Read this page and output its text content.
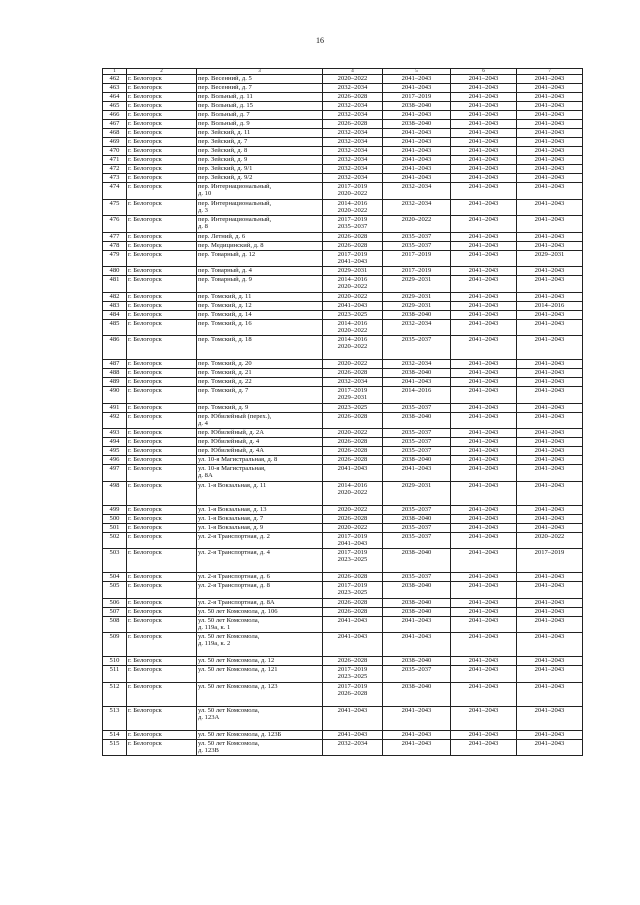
16
1	2	3	4	5	6	7
462	г. Белогорск	пер. Весенний, д. 5	2020–2022	2041–2043	2041–2043	2041–2043

463	г. Белогорск	пер. Весенний, д. 7	2032–2034	2041–2043	2041–2043	2041–2043

464	г. Белогорск	пер. Вольный, д. 11	2026–2028	2017–2019	2041–2043	2041–2043

465	г. Белогорск	пер. Вольный, д. 15	2032–2034	2038–2040	2041–2043	2041–2043

466	г. Белогорск	пер. Вольный, д. 7	2032–2034	2041–2043	2041–2043	2041–2043

467	г. Белогорск	пер. Вольный, д. 9	2026–2028	2038–2040	2041–2043	2041–2043

468	г. Белогорск	пер. Зейский, д. 11	2032–2034	2041–2043	2041–2043	2041–2043

469	г. Белогорск	пер. Зейский, д. 7	2032–2034	2041–2043	2041–2043	2041–2043

470	г. Белогорск	пер. Зейский, д. 8	2032–2034	2041–2043	2041–2043	2041–2043

471	г. Белогорск	пер. Зейский, д. 9	2032–2034	2041–2043	2041–2043	2041–2043

472	г. Белогорск	пер. Зейский, д. 9/1	2032–2034	2041–2043	2041–2043	2041–2043

473	г. Белогорск	пер. Зейский, д. 9/2	2032–2034	2041–2043	2041–2043	2041–2043

474	г. Белогорск	пер. Интернациональный,
д. 10	2017–2019
2020–2022	2032–2034	2041–2043	2041–2043

475	г. Белогорск	пер. Интернациональный,
д. 3	2014–2016
2020–2022	2032–2034	2041–2043	2041–2043

476	г. Белогорск	пер. Интернациональный,
д. 8	2017–2019
2035–2037	2020–2022	2041–2043	2041–2043

477	г. Белогорск	пер. Летний, д. 6	2026–2028	2035–2037	2041–2043	2041–2043

478	г. Белогорск	пер. Медицинский, д. 8	2026–2028	2035–2037	2041–2043	2041–2043

479	г. Белогорск	пер. Товарный, д. 12	2017–2019
2041–2043	2017–2019	2041–2043	2029–2031

480	г. Белогорск	пер. Товарный, д. 4	2029–2031	2017–2019	2041–2043	2041–2043

481	г. Белогорск	пер. Товарный, д. 9	2014–2016
2020–2022	2029–2031	2041–2043	2041–2043

482	г. Белогорск	пер. Томский, д. 11	2020–2022	2029–2031	2041–2043	2041–2043

483	г. Белогорск	пер. Томский, д. 12	2041–2043	2029–2031	2041–2043	2014–2016

484	г. Белогорск	пер. Томский, д. 14	2023–2025	2038–2040	2041–2043	2041–2043

485	г. Белогорск	пер. Томский, д. 16	2014–2016
2020–2022	2032–2034	2041–2043	2041–2043

486	г. Белогорск	пер. Томский, д. 18	2014–2016
2020–2022	2035–2037	2041–2043	2041–2043

487	г. Белогорск	пер. Томский, д. 20	2020–2022	2032–2034	2041–2043	2041–2043

488	г. Белогорск	пер. Томский, д. 21	2026–2028	2038–2040	2041–2043	2041–2043

489	г. Белогорск	пер. Томский, д. 22	2032–2034	2041–2043	2041–2043	2041–2043

490	г. Белогорск	пер. Томский, д. 7	2017–2019
2029–2031	2014–2016	2041–2043	2041–2043

491	г. Белогорск	пер. Томский, д. 9	2023–2025	2035–2037	2041–2043	2041–2043

492	г. Белогорск	пер. Юбилейный (перех.),
д. 4	2026–2028	2038–2040	2041–2043	2041–2043

493	г. Белогорск	пер. Юбилейный, д. 2А	2020–2022	2035–2037	2041–2043	2041–2043

494	г. Белогорск	пер. Юбилейный, д. 4	2026–2028	2035–2037	2041–2043	2041–2043

495	г. Белогорск	пер. Юбилейный, д. 4А	2026–2028	2035–2037	2041–2043	2041–2043

496	г. Белогорск	ул. 10-я Магистральная, д. 8	2026–2028	2038–2040	2041–2043	2041–2043

497	г. Белогорск	ул. 10-я Магистральная,
д. 8А	2041–2043	2041–2043	2041–2043	2041–2043

498	г. Белогорск	ул. 1-я Вокзальная, д. 11	2014–2016
2020–2022	2029–2031	2041–2043	2041–2043

499	г. Белогорск	ул. 1-я Вокзальная, д. 13	2020–2022	2035–2037	2041–2043	2041–2043

500	г. Белогорск	ул. 1-я Вокзальная, д. 7	2026–2028	2038–2040	2041–2043	2041–2043

501	г. Белогорск	ул. 1-я Вокзальная, д. 9	2020–2022	2035–2037	2041–2043	2041–2043

502	г. Белогорск	ул. 2-я Транспортная, д. 2	2017–2019
2041–2043	2035–2037	2041–2043	2020–2022

503	г. Белогорск	ул. 2-я Транспортная, д. 4	2017–2019
2023–2025	2038–2040	2041–2043	2017–2019

504	г. Белогорск	ул. 2-я Транспортная, д. 6	2026–2028	2035–2037	2041–2043	2041–2043

505	г. Белогорск	ул. 2-я Транспортная, д. 8	2017–2019
2023–2025	2038–2040	2041–2043	2041–2043

506	г. Белогорск	ул. 2-я Транспортная, д. 8А	2026–2028	2038–2040	2041–2043	2041–2043

507	г. Белогорск	ул. 50 лет Комсомола, д. 106	2026–2028	2038–2040	2041–2043	2041–2043

508	г. Белогорск	ул. 50 лет Комсомола,
д. 119а, к. 1	2041–2043	2041–2043	2041–2043	2041–2043

509	г. Белогорск	ул. 50 лет Комсомола,
д. 119а, к. 2	2041–2043	2041–2043	2041–2043	2041–2043

510	г. Белогорск	ул. 50 лет Комсомола, д. 12	2026–2028	2038–2040	2041–2043	2041–2043

511	г. Белогорск	ул. 50 лет Комсомола, д. 121	2017–2019
2023–2025	2035–2037	2041–2043	2041–2043

512	г. Белогорск	ул. 50 лет Комсомола, д. 123	2017–2019
2026–2028	2038–2040	2041–2043	2041–2043

513	г. Белогорск	ул. 50 лет Комсомола,
д. 123А	2041–2043	2041–2043	2041–2043	2041–2043

514	г. Белогорск	ул. 50 лет Комсомола, д. 123Б	2041–2043	2041–2043	2041–2043	2041–2043

515	г. Белогорск	ул. 50 лет Комсомола,
д. 123В	2032–2034	2041–2043	2041–2043	2041–2043
